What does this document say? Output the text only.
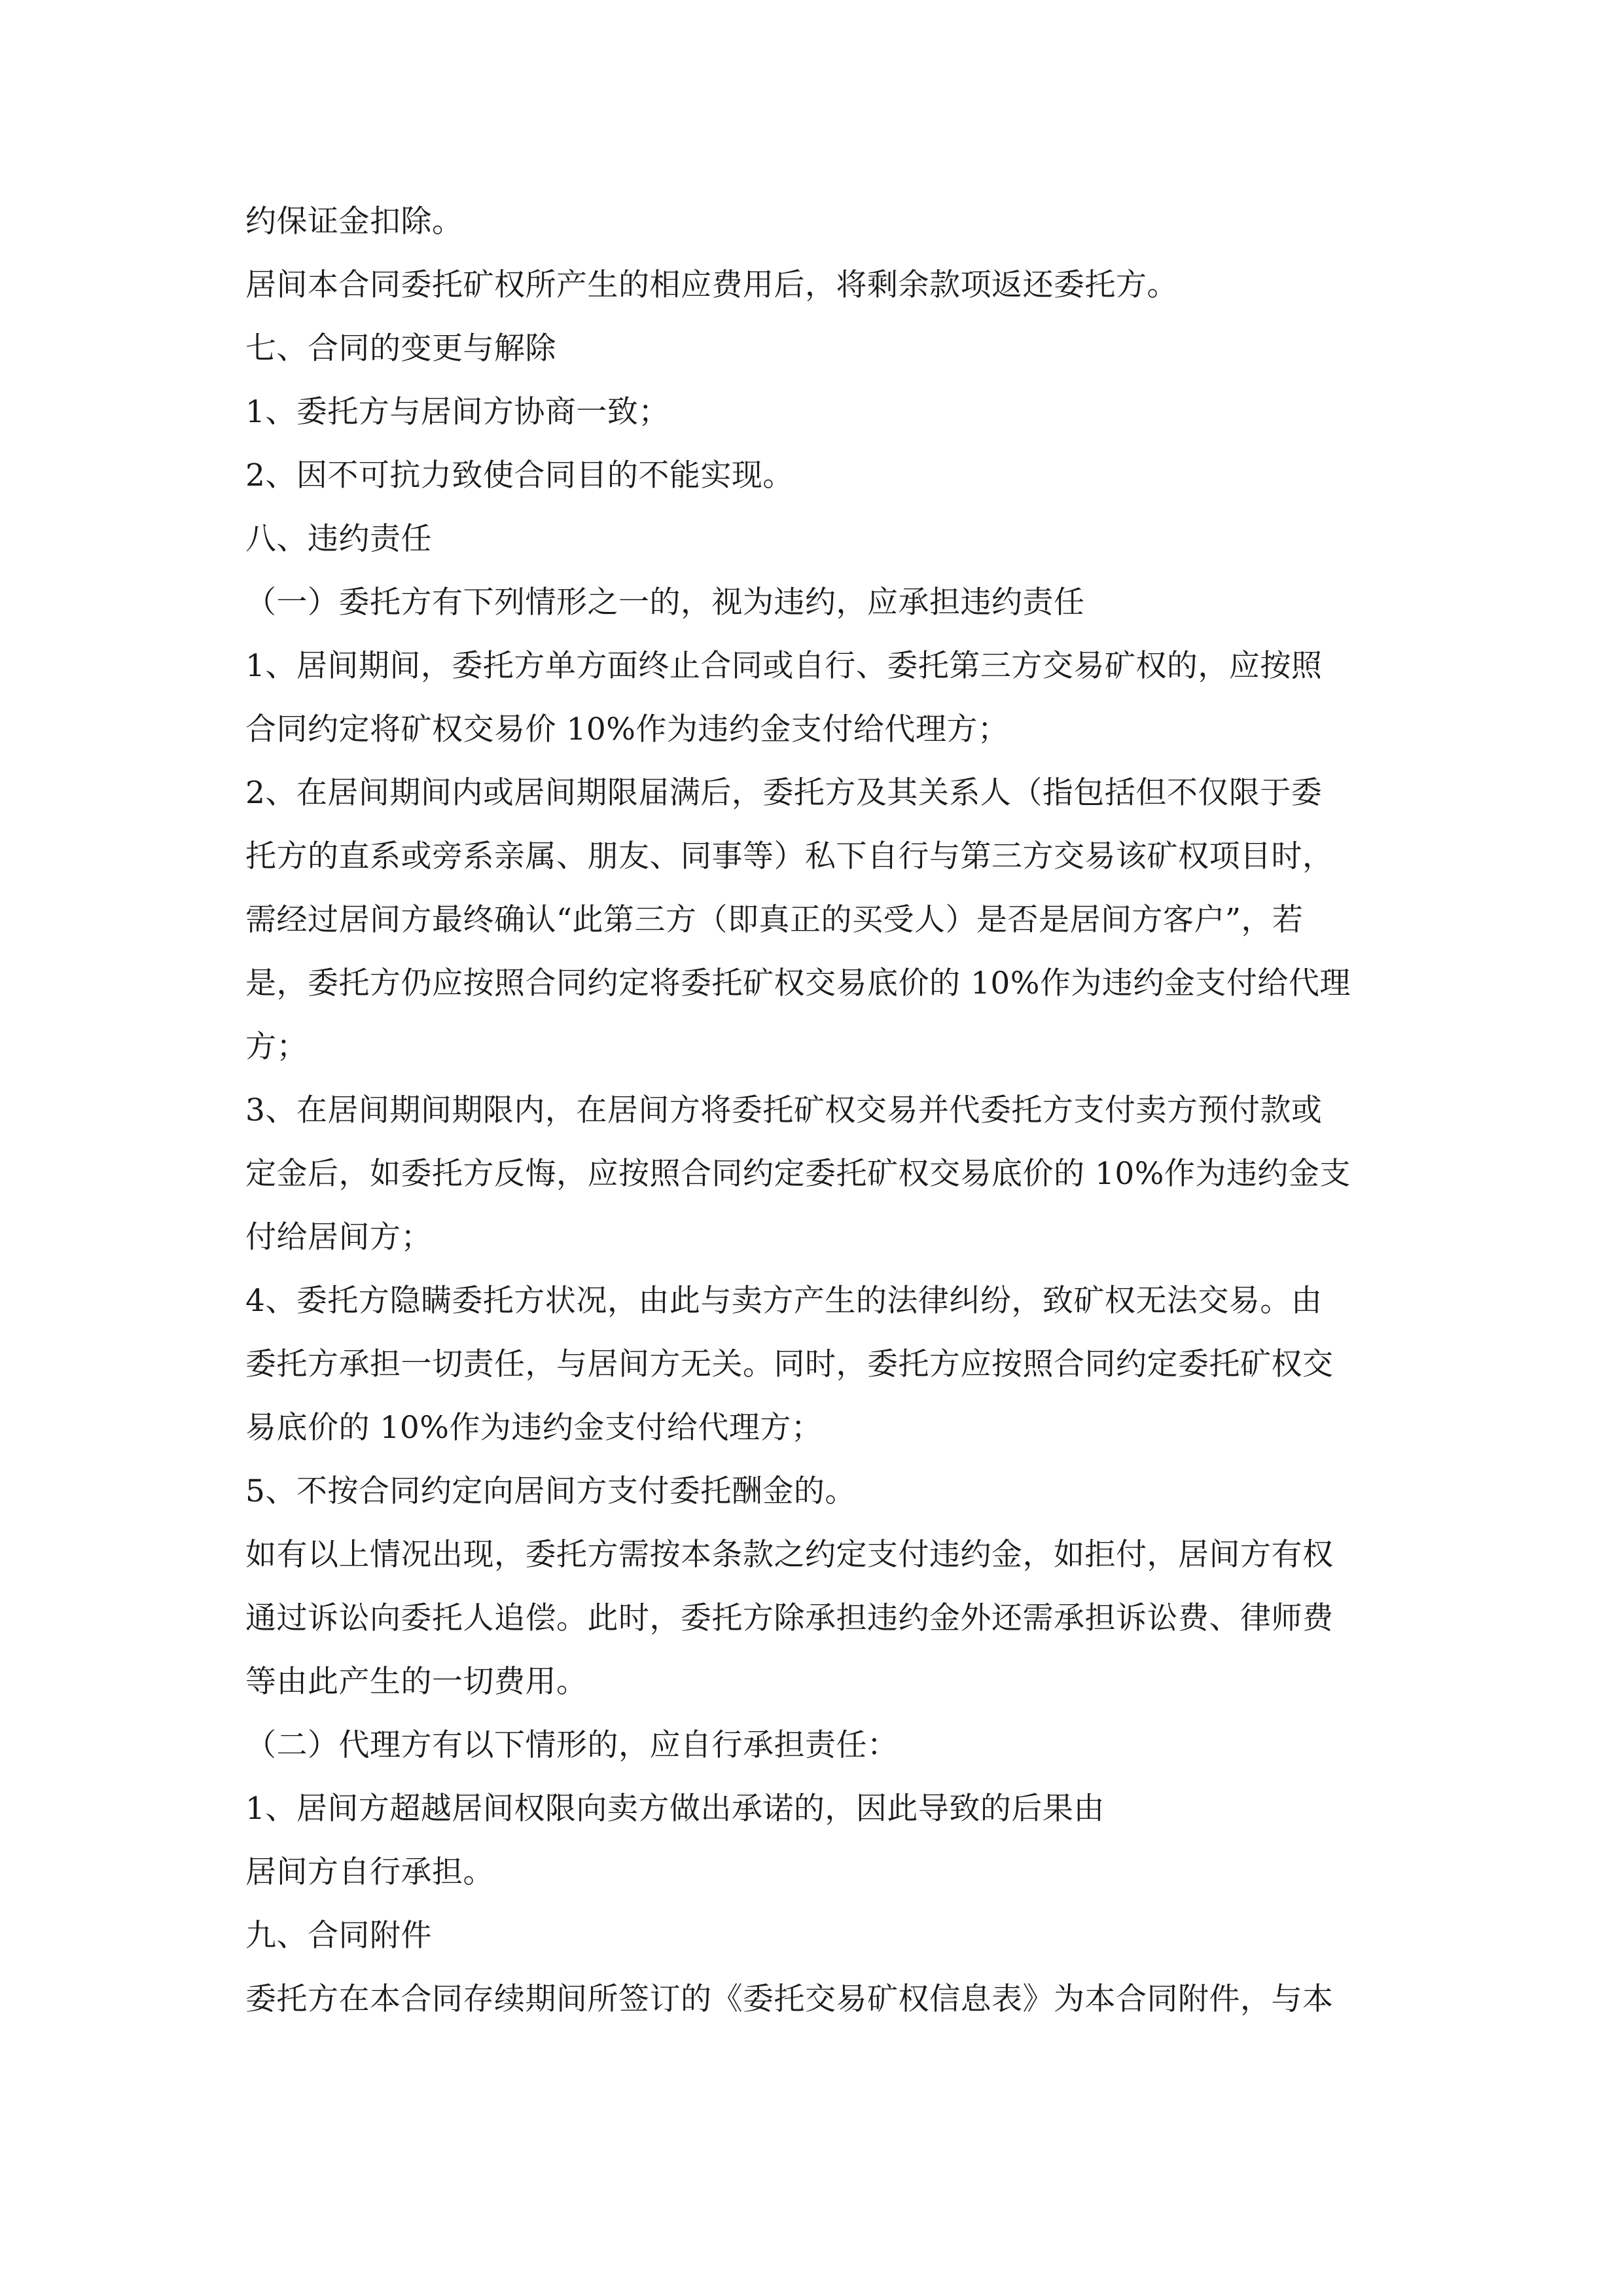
约保证金扣除。
居间本合同委托矿权所产生的相应费用后，将剩余款项返还委托方。
七、合同的变更与解除
1、委托方与居间方协商一致；
2、因不可抗力致使合同目的不能实现。
八、违约责任
（一）委托方有下列情形之一的，视为违约，应承担违约责任
1、居间期间，委托方单方面终止合同或自行、委托第三方交易矿权的，应按照
合同约定将矿权交易价 10%作为违约金支付给代理方；
2、在居间期间内或居间期限届满后，委托方及其关系人（指包括但不仅限于委
托方的直系或旁系亲属、朋友、同事等）私下自行与第三方交易该矿权项目时，
需经过居间方最终确认“此第三方（即真正的买受人）是否是居间方客户”，若
是，委托方仍应按照合同约定将委托矿权交易底价的 10%作为违约金支付给代理
方；
3、在居间期间期限内，在居间方将委托矿权交易并代委托方支付卖方预付款或
定金后，如委托方反悔，应按照合同约定委托矿权交易底价的 10%作为违约金支
付给居间方；
4、委托方隐瞒委托方状况，由此与卖方产生的法律纠纷，致矿权无法交易。由
委托方承担一切责任，与居间方无关。同时，委托方应按照合同约定委托矿权交
易底价的 10%作为违约金支付给代理方；
5、不按合同约定向居间方支付委托酬金的。
如有以上情况出现，委托方需按本条款之约定支付违约金，如拒付，居间方有权
通过诉讼向委托人追偿。此时，委托方除承担违约金外还需承担诉讼费、律师费
等由此产生的一切费用。
（二）代理方有以下情形的，应自行承担责任：
1、居间方超越居间权限向卖方做出承诺的，因此导致的后果由
居间方自行承担。
九、合同附件
委托方在本合同存续期间所签订的《委托交易矿权信息表》为本合同附件，与本
